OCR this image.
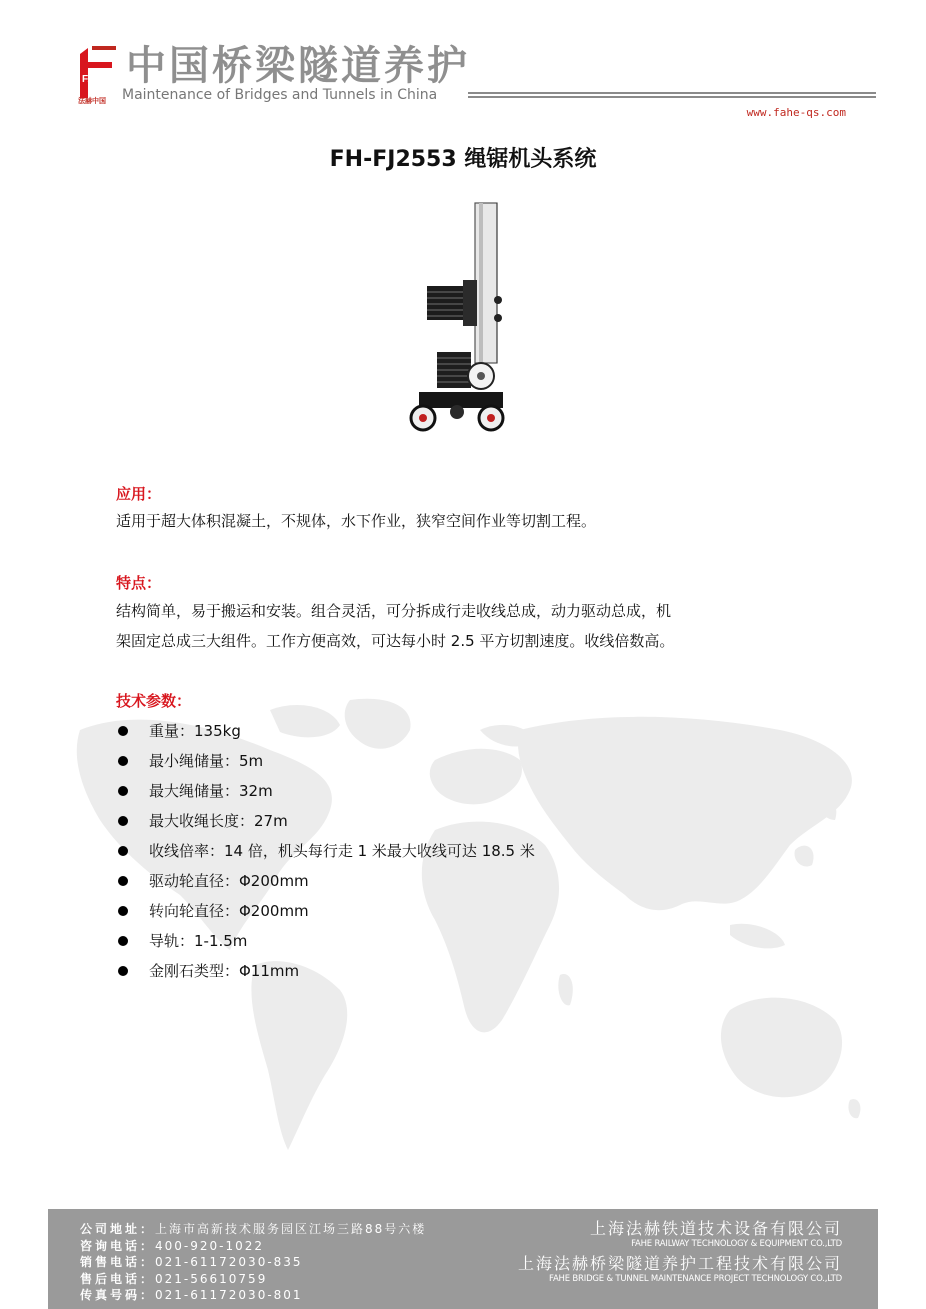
FAHE
法赫中国
中国桥梁隧道养护
Maintenance of Bridges and Tunnels in China
www.fahe-qs.com
FH-FJ2553 绳锯机头系统
应用：
适用于超大体积混凝土，不规体，水下作业，狭窄空间作业等切割工程。
特点：
结构简单，易于搬运和安装。组合灵活，可分拆成行走收线总成，动力驱动总成，机
架固定总成三大组件。工作方便高效，可达每小时 2.5 平方切割速度。收线倍数高。
技术参数：
重量：135kg
最小绳储量：5m
最大绳储量：32m
最大收绳长度：27m
收线倍率：14 倍，机头每行走 1 米最大收线可达 18.5 米
驱动轮直径：Φ200mm
转向轮直径：Φ200mm
导轨：1-1.5m
金刚石类型：Φ11mm
公司地址：上海市高新技术服务园区江场三路88号六楼
咨询电话：400-920-1022
销售电话：021-61172030-835
售后电话：021-56610759
传真号码：021-61172030-801
上海法赫铁道技术设备有限公司
FAHE RAILWAY TECHNOLOGY & EQUIPMENT CO.,LTD
上海法赫桥梁隧道养护工程技术有限公司
FAHE BRIDGE & TUNNEL MAINTENANCE PROJECT TECHNOLOGY CO.,LTD
